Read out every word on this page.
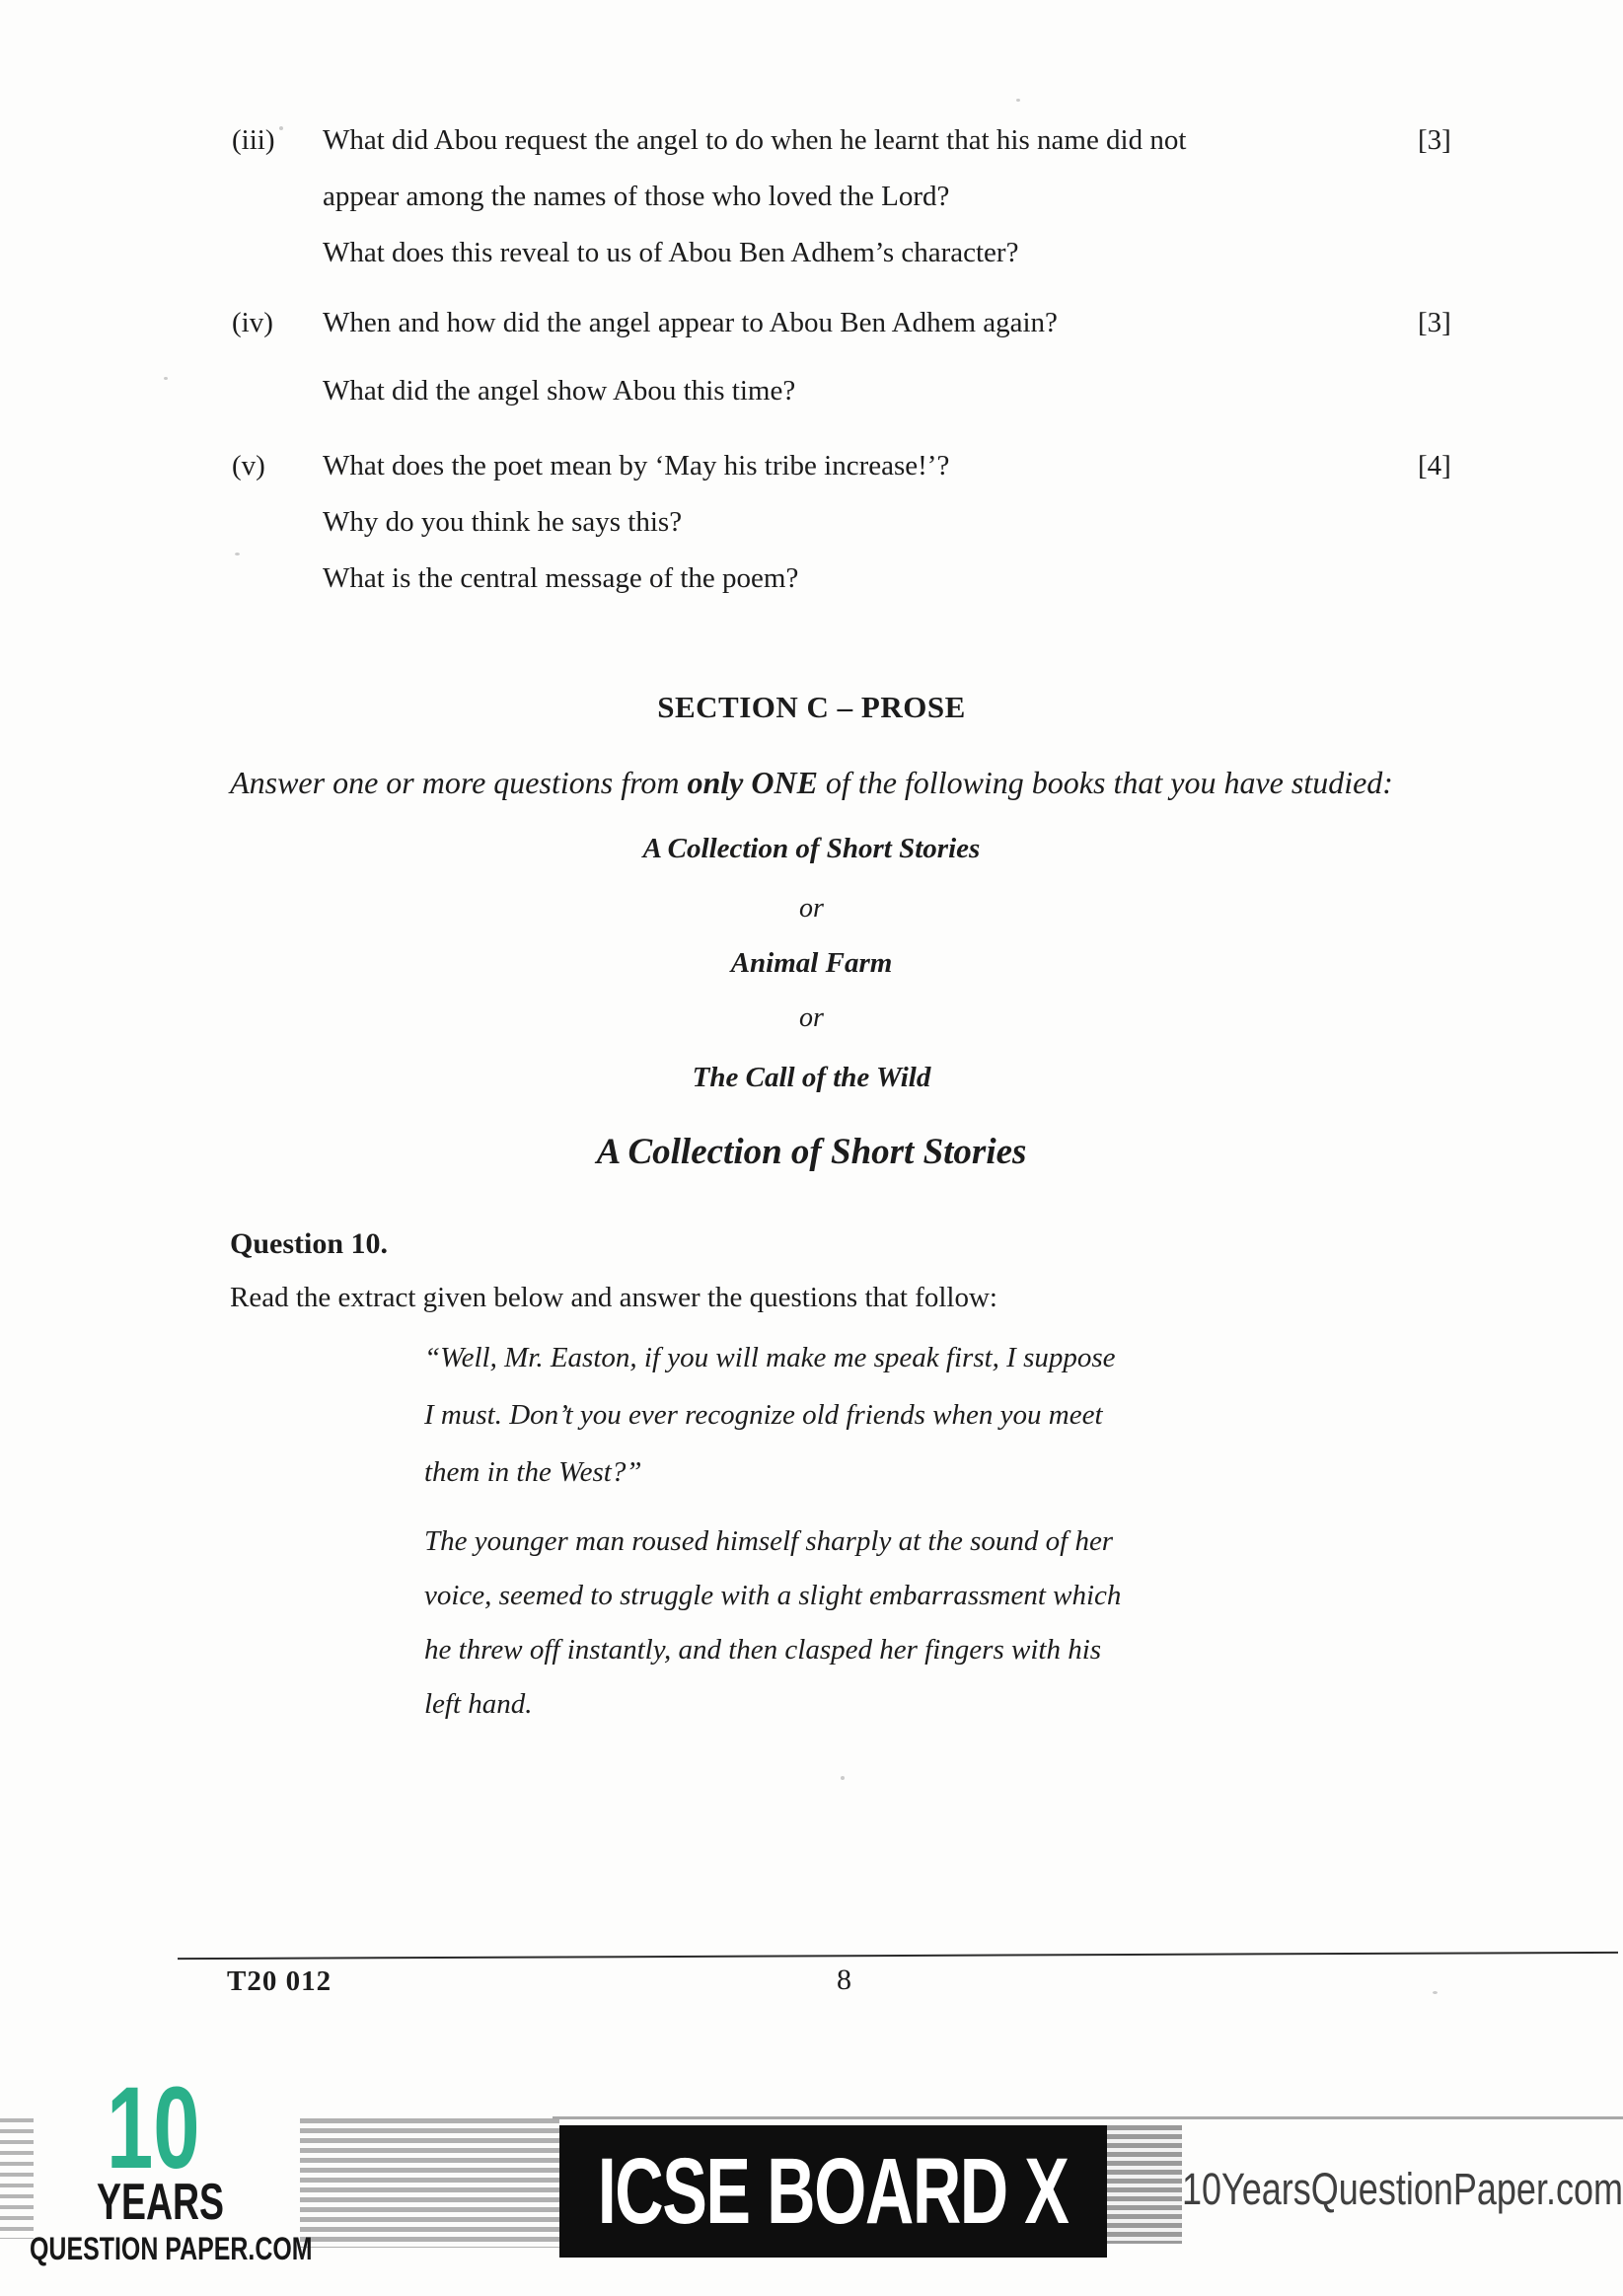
(iii) What did Abou request the angel to do when he learnt that his name did not
appear among the names of those who loved the Lord?
What does this reveal to us of Abou Ben Adhem’s character?
[3]
(iv) When and how did the angel appear to Abou Ben Adhem again?
What did the angel show Abou this time?
[3]
(v) What does the poet mean by ‘May his tribe increase!’?
Why do you think he says this?
What is the central message of the poem?
[4]
SECTION C – PROSE
Answer one or more questions from only ONE of the following books that you have studied:
A Collection of Short Stories
or
Animal Farm
or
The Call of the Wild
A Collection of Short Stories
Question 10.
Read the extract given below and answer the questions that follow:
“Well, Mr. Easton, if you will make me speak first, I suppose
I must. Don’t you ever recognize old friends when you meet
them in the West?”
The younger man roused himself sharply at the sound of her
voice, seemed to struggle with a slight embarrassment which
he threw off instantly, and then clasped her fingers with his
left hand.
T20 012	8
10
YEARS
QUESTION PAPER.COM
ICSE BOARD X	10YearsQuestionPaper.com
